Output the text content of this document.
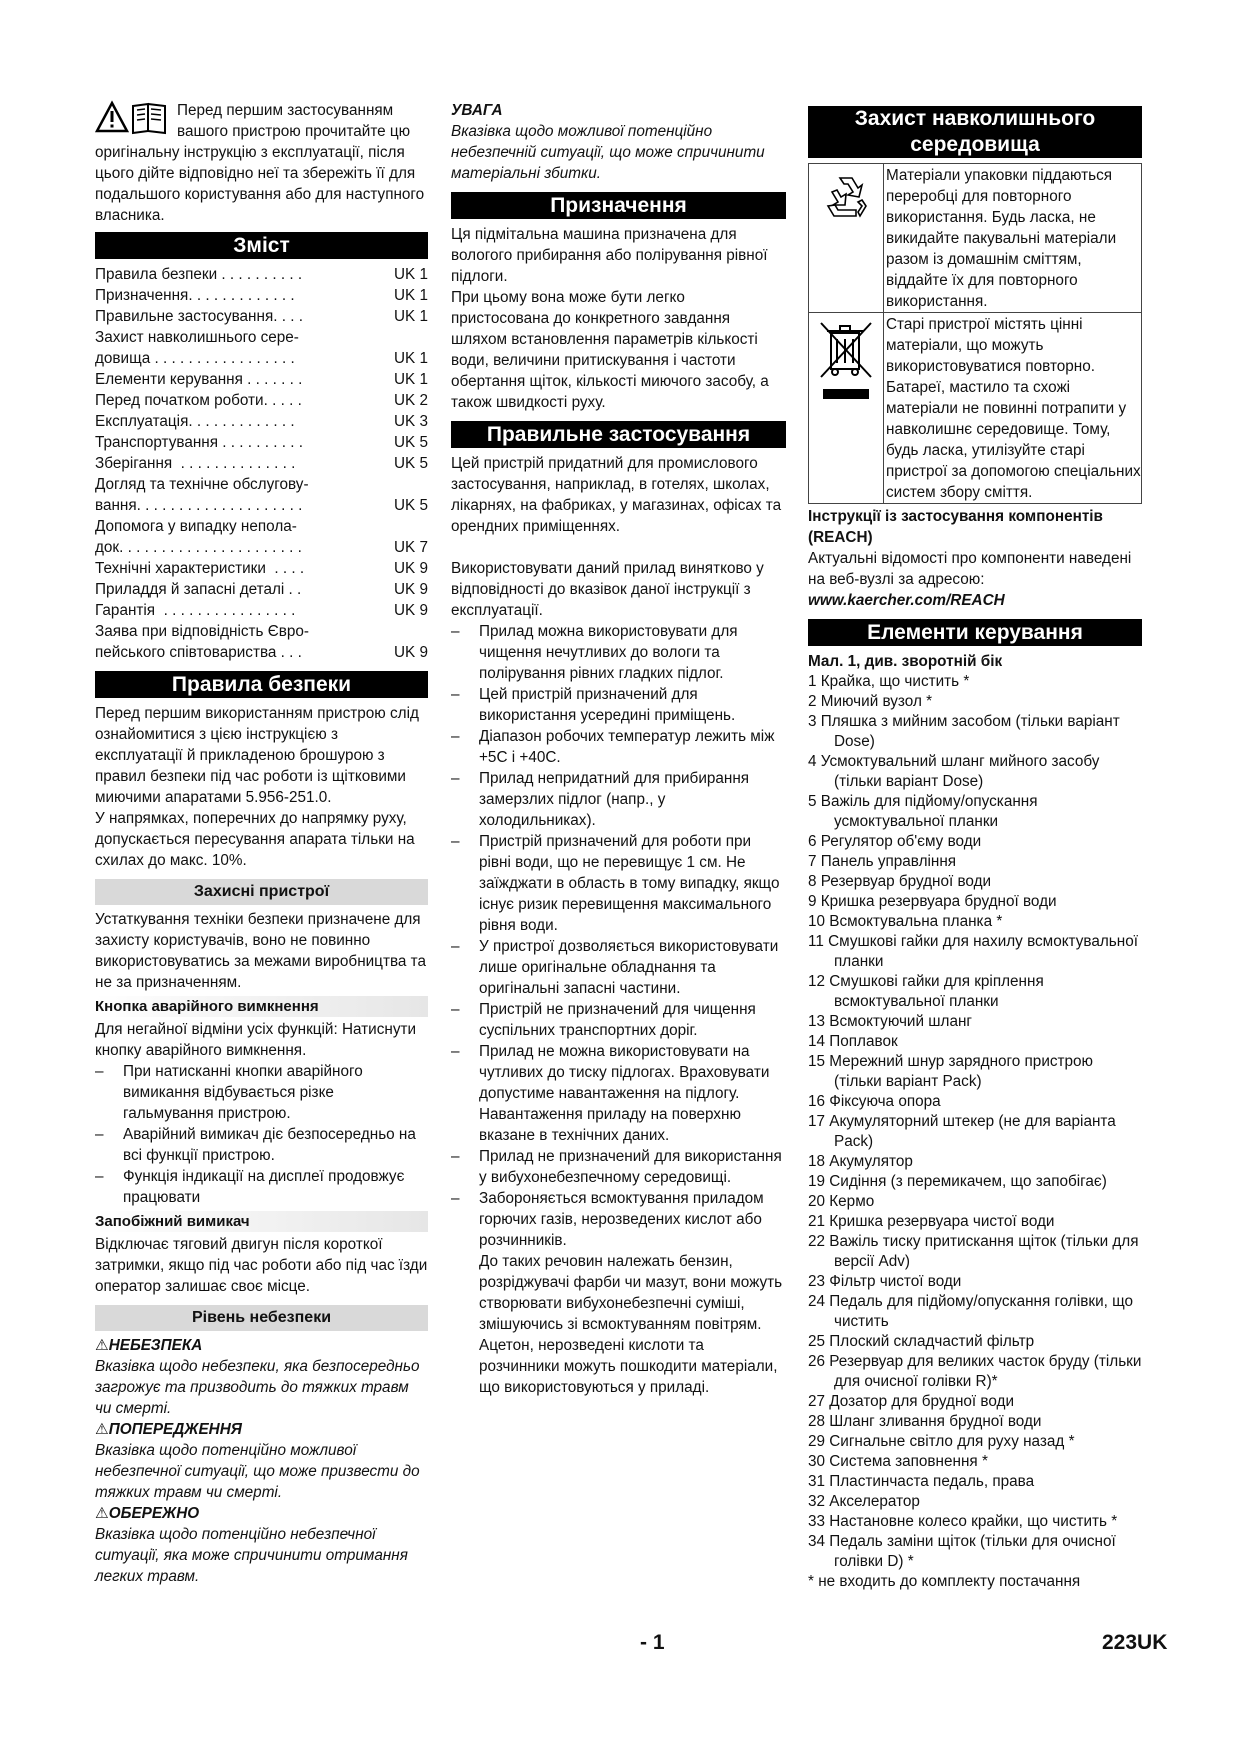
Перед першим застосуванням вашого пристрою прочитайте цю оригінальну інструкцію з експлуатації, після цього дійте відповідно неї та збережіть її для подальшого користування або для наступного власника.
Зміст
Правила безпеки . . . . . . . . . .	UK 1
Призначення. . . . . . . . . . . . .	UK 1
Правильне застосування. . . .	UK 1
Захист навколишнього сере-
довища . . . . . . . . . . . . . . . . .	UK 1
Елементи керування . . . . . . .	UK 1
Перед початком роботи. . . . .	UK 2
Експлуатація. . . . . . . . . . . . .	UK 3
Транспортування . . . . . . . . . .	UK 5
Зберігання  . . . . . . . . . . . . . .	UK 5
Догляд та технічне обслугову-
вання. . . . . . . . . . . . . . . . . . . .	UK 5
Допомога у випадку непола-
док. . . . . . . . . . . . . . . . . . . . . .	UK 7
Технічні характеристики  . . . .	UK 9
Приладдя й запасні деталі . .	UK 9
Гарантія  . . . . . . . . . . . . . . . .	UK 9
Заява при відповідність Євро-
пейського співтовариства . . .	UK 9
Правила безпеки

Перед першим використанням пристрою слід ознайомитися з цією інструкцією з експлуатації й прикладеною брошурою з правил безпеки під час роботи із щітковими миючими апаратами 5.956-251.0.

У напрямках, поперечних до напрямку руху, допускається пересування апарата тільки на схилах до макс. 10%.

Захисні пристрої

Устаткування техніки безпеки призначене для захисту користувачів, воно не повинно використовуватись за межами виробництва та не за призначенням.

Кнопка аварійного вимкнення

Для негайної відміни усіх функцій: Натиснути кнопку аварійного вимкнення.

– При натисканні кнопки аварійного вимикання відбувається різке гальмування пристрою.
– Аварійний вимикач діє безпосередньо на всі функції пристрою.
– Функція індикації на дисплеї продовжує працювати
Запобіжний вимикач

Відключає тяговий двигун після короткої затримки, якщо під час роботи або під час їзди оператор залишає своє місце.

Рівень небезпеки
⚠НЕБЕЗПЕКА

Вказівка щодо небезпеки, яка безпосередньо загрожує та призводить до тяжких травм чи смерті.

⚠ПОПЕРЕДЖЕННЯ

Вказівка щодо потенційно можливої небезпечної ситуації, що може призвести до тяжких травм чи смерті.

⚠ОБЕРЕЖНО

Вказівка щодо потенційно небезпечної ситуації, яка може спричинити отримання легких травм.

УВАГА

Вказівка щодо можливої потенційно небезпечній ситуації, що може спричинити матеріальні збитки.

Призначення

Ця підмітальна машина призначена для вологого прибирання або полірування рівної підлоги.

При цьому вона може бути легко пристосована до конкретного завдання шляхом встановлення параметрів кількості води, величини притискування і частоти обертання щіток, кількості миючого засобу, а також швидкості руху.

Правильне застосування

Цей пристрій придатний для промислового застосування, наприклад, в готелях, школах, лікарнях, на фабриках, у магазинах, офісах та орендних приміщеннях.

Використовувати даний прилад винятково у відповідності до вказівок даної інструкції з експлуатації.

– Прилад можна використовувати для чищення нечутливих до вологи та полірування рівних гладких підлог.
– Цей пристрій призначений для використання усередині приміщень.
– Діапазон робочих температур лежить між +5C і +40C.
– Прилад непридатний для прибирання замерзлих підлог (напр., у холодильниках).
– Пристрій призначений для роботи при рівні води, що не перевищує 1 см. Не заїжджати в область в тому випадку, якщо існує ризик перевищення максимального рівня води.
– У пристрої дозволяється використовувати лише оригінальне обладнання та оригінальні запасні частини.
– Пристрій не призначений для чищення суспільних транспортних доріг.
– Прилад не можна використовувати на чутливих до тиску підлогах. Враховувати допустиме навантаження на підлогу. Навантаження приладу на поверхню вказане в технічних даних.
– Прилад не призначений для використання у вибухонебезпечному середовищі.
– Забороняється всмоктування приладом горючих газів, нерозведених кислот або розчинників.

До таких речовин належать бензин, розріджувачі фарби чи мазут, вони можуть створювати вибухонебезпечні суміші, змішуючись зі всмоктуванням повітрям. Ацетон, нерозведені кислоти та розчинники можуть пошкодити матеріали, що використовуються у приладі.

Захист навколишнього середовища
Матеріали упаковки піддаються переробці для повторного використання. Будь ласка, не викидайте пакувальні матеріали разом із домашнім сміттям, віддайте їх для повторного використання.
Старі пристрої містять цінні матеріали, що можуть використовуватися повторно. Батареї, мастило та схожі матеріали не повинні потрапити у навколишнє середовище. Тому, будь ласка, утилізуйте старі пристрої за допомогою спеціальних систем збору сміття.
Інструкції із застосування компонентів (REACH)

Актуальні відомості про компоненти наведені на веб-вузлі за адресою:

www.kaercher.com/REACH
Елементи керування
Мал. 1, див. зворотній бік
1 Крайка, що чистить *
2 Миючий вузол *
3 Пляшка з мийним засобом (тільки варіант Dose)
4 Усмоктувальний шланг мийного засобу (тільки варіант Dose)
5 Важіль для підйому/опускання усмоктувальної планки
6 Регулятор об'єму води
7 Панель управління
8 Резервуар брудної води
9 Кришка резервуара брудної води
10 Всмоктувальна планка *
11 Смушкові гайки для нахилу всмоктувальної планки
12 Смушкові гайки для кріплення всмоктувальної планки
13 Всмоктуючий шланг
14 Поплавок
15 Мережний шнур зарядного пристрою (тільки варіант Pack)
16 Фіксуюча опора
17 Акумуляторний штекер (не для варіанта Pack)
18 Акумулятор
19 Сидіння (з перемикачем, що запобігає)
20 Кермо
21 Кришка резервуара чистої води
22 Важіль тиску притискання щіток (тільки для версії Adv)
23 Фільтр чистої води
24 Педаль для підйому/опускання голівки, що чистить
25 Плоский складчастий фільтр
26 Резервуар для великих часток бруду (тільки для очисної голівки R)*
27 Дозатор для брудної води
28 Шланг зливання брудної води
29 Сигнальне світло для руху назад *
30 Система заповнення *
31 Пластинчаста педаль, права
32 Акселератор
33 Настановне колесо крайки, що чистить *
34 Педаль заміни щіток (тільки для очисної голівки D) *
* не входить до комплекту постачання
- 1	223UK
